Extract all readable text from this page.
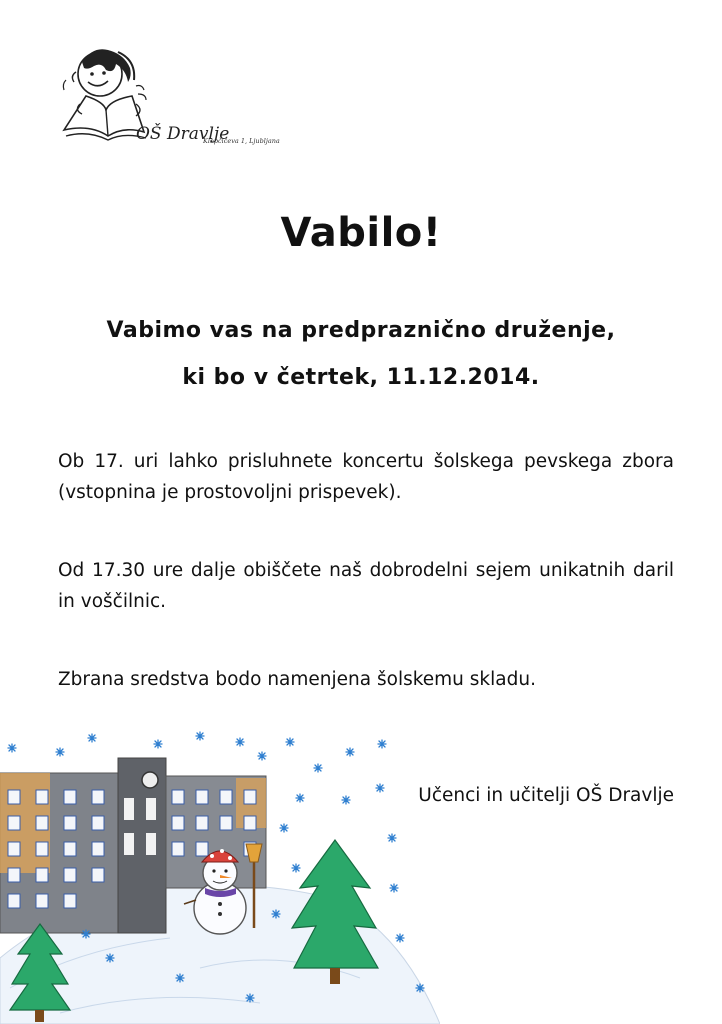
OŠ Dravlje
Klopčičeva 1, Ljubljana
Vabilo!

Vabimo vas na predpraznično druženje,

ki bo v četrtek, 11.12.2014.

Ob 17. uri lahko prisluhnete koncertu šolskega pevskega zbora (vstopnina je prostovoljni prispevek).

Od 17.30 ure dalje obiščete naš dobrodelni sejem unikatnih daril in voščilnic.

Zbrana sredstva bodo namenjena šolskemu skladu.

Učenci in učitelji OŠ Dravlje
